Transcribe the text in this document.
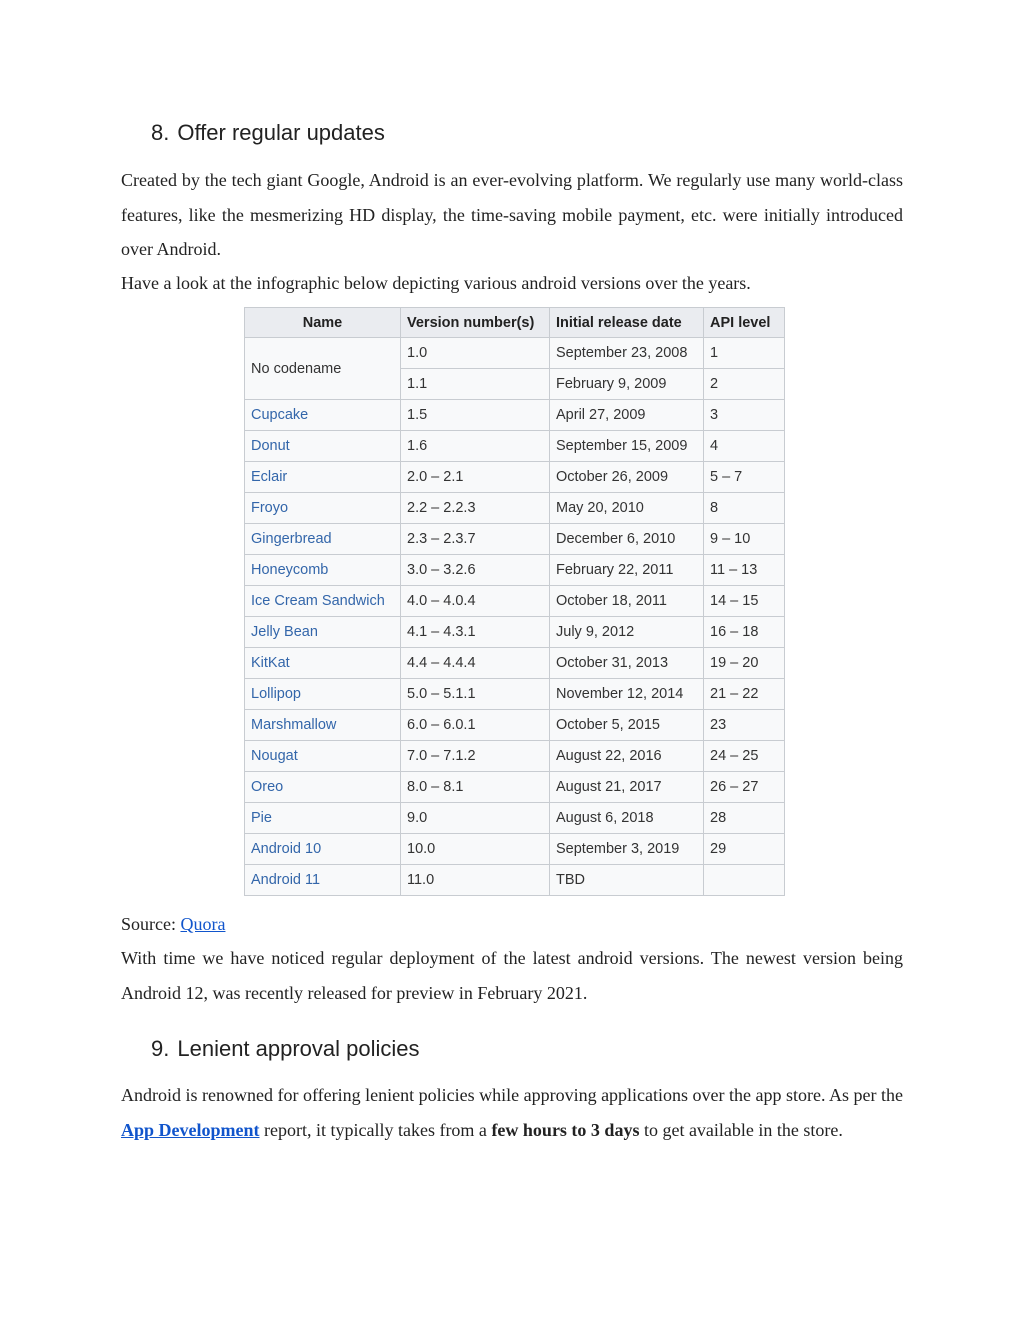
8. Offer regular updates

Created by the tech giant Google, Android is an ever-evolving platform. We regularly use many world-class features, like the mesmerizing HD display, the time-saving mobile payment, etc. were initially introduced over Android.

Have a look at the infographic below depicting various android versions over the years.

Name	Version number(s)	Initial release date	API level
No codename	1.0	September 23, 2008	1
	1.1	February 9, 2009	2
Cupcake	1.5	April 27, 2009	3
Donut	1.6	September 15, 2009	4
Eclair	2.0 – 2.1	October 26, 2009	5 – 7
Froyo	2.2 – 2.2.3	May 20, 2010	8
Gingerbread	2.3 – 2.3.7	December 6, 2010	9 – 10
Honeycomb	3.0 – 3.2.6	February 22, 2011	11 – 13
Ice Cream Sandwich	4.0 – 4.0.4	October 18, 2011	14 – 15
Jelly Bean	4.1 – 4.3.1	July 9, 2012	16 – 18
KitKat	4.4 – 4.4.4	October 31, 2013	19 – 20
Lollipop	5.0 – 5.1.1	November 12, 2014	21 – 22
Marshmallow	6.0 – 6.0.1	October 5, 2015	23
Nougat	7.0 – 7.1.2	August 22, 2016	24 – 25
Oreo	8.0 – 8.1	August 21, 2017	26 – 27
Pie	9.0	August 6, 2018	28
Android 10	10.0	September 3, 2019	29
Android 11	11.0	TBD	

Source: Quora

With time we have noticed regular deployment of the latest android versions. The newest version being Android 12, was recently released for preview in February 2021.

9. Lenient approval policies

Android is renowned for offering lenient policies while approving applications over the app store. As per the App Development report, it typically takes from a few hours to 3 days to get available in the store.
